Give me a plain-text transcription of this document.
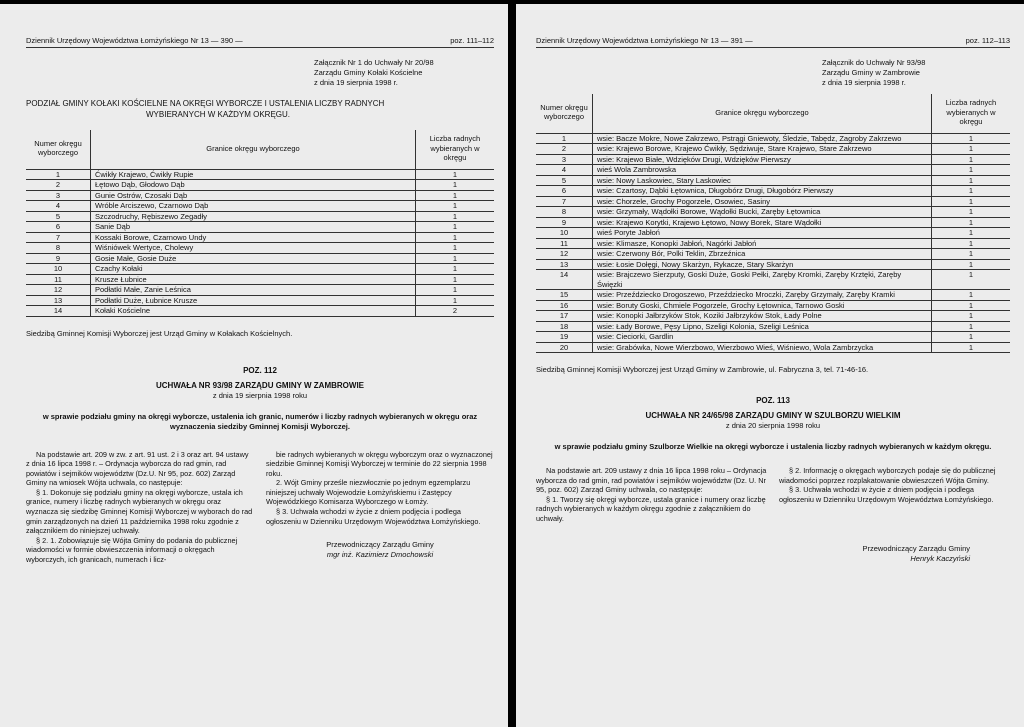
Dziennik Urzędowy Województwa Łomżyńskiego Nr 13 — 390 —	poz. 111–112
Załącznik Nr 1 do Uchwały Nr 20/98
Zarządu Gminy Kołaki Kościelne
z dnia 19 sierpnia 1998 r.
PODZIAŁ GMINY KOŁAKI KOŚCIELNE NA OKRĘGI WYBORCZE I USTALENIA LICZBY RADNYCH
WYBIERANYCH W KAŻDYM OKRĘGU.
Numer okręgu wyborczego	Granice okręgu wyborczego	Liczba radnych wybieranych w okręgu
1	Ćwikły Krajewo, Ćwikły Rupie	1
2	Łętowo Dąb, Głodowo Dąb	1
3	Gunie Ostrów, Czosaki Dąb	1
4	Wróble Arciszewo, Czarnowo Dąb	1
5	Szczodruchy, Rębiszewo Zegadły	1
6	Sanie Dąb	1
7	Kossaki Borowe, Czarnowo Undy	1
8	Wiśniówek Wertyce, Cholewy	1
9	Gosie Małe, Gosie Duże	1
10	Czachy Kołaki	1
11	Krusze Łubnice	1
12	Podłatki Małe, Zanie Leśnica	1
13	Podłatki Duże, Łubnice Krusze	1
14	Kołaki Kościelne	2
Siedzibą Gminnej Komisji Wyborczej jest Urząd Gminy w Kołakach Kościelnych.
POZ. 112
UCHWAŁA NR 93/98 ZARZĄDU GMINY W ZAMBROWIE
z dnia 19 sierpnia 1998 roku
w sprawie podziału gminy na okręgi wyborcze, ustalenia ich granic, numerów i liczby radnych wybieranych w okręgu oraz wyznaczenia siedziby Gminnej Komisji Wyborczej.

Na podstawie art. 209 w zw. z art. 91 ust. 2 i 3 oraz art. 94 ustawy z dnia 16 lipca 1998 r. – Ordynacja wyborcza do rad gmin, rad powiatów i sejmików województw (Dz.U. Nr 95, poz. 602) Zarząd Gminy na wniosek Wójta uchwala, co następuje:

§ 1. Dokonuje się podziału gminy na okręgi wyborcze, ustala ich granice, numery i liczbę radnych wybieranych w okręgu oraz wyznacza się siedzibę Gminnej Komisji Wyborczej w wyborach do rad gmin zarządzonych na dzień 11 października 1998 roku zgodnie z załącznikiem do niniejszej uchwały.

§ 2. 1. Zobowiązuje się Wójta Gminy do podania do publicznej wiadomości w formie obwieszczenia informacji o okręgach wyborczych, ich granicach, numerach i licz-

bie radnych wybieranych w okręgu wyborczym oraz o wyznaczonej siedzibie Gminnej Komisji Wyborczej w terminie do 22 sierpnia 1998 roku.

2. Wójt Gminy prześle niezwłocznie po jednym egzemplarzu niniejszej uchwały Wojewodzie Łomżyńskiemu i Zastępcy Wojewódzkiego Komisarza Wyborczego w Łomży.

§ 3. Uchwała wchodzi w życie z dniem podjęcia i podlega ogłoszeniu w Dzienniku Urzędowym Województwa Łomżyńskiego.

Przewodniczący Zarządu Gminy
mgr inż. Kazimierz Dmochowski
Dziennik Urzędowy Województwa Łomżyńskiego Nr 13 — 391 —	poz. 112–113
Załącznik do Uchwały Nr 93/98
Zarządu Gminy w Zambrowie
z dnia 19 sierpnia 1998 r.
Numer okręgu wyborczego	Granice okręgu wyborczego	Liczba radnych wybieranych w okręgu
1	wsie: Bacze Mokre, Nowe Zakrzewo, Pstrągi Gniewoty, Śledzie, Tabędz, Zagroby Zakrzewo	1
2	wsie: Krajewo Borowe, Krajewo Ćwikły, Sędziwuje, Stare Krajewo, Stare Zakrzewo	1
3	wsie: Krajewo Białe, Wdzięków Drugi, Wdzięków Pierwszy	1
4	wieś Wola Zambrowska	1
5	wsie: Nowy Laskowiec, Stary Laskowiec	1
6	wsie: Czartosy, Dąbki Łętownica, Długobórz Drugi, Długobórz Pierwszy	1
7	wsie: Chorzele, Grochy Pogorzele, Osowiec, Sasiny	1
8	wsie: Grzymały, Wądołki Borowe, Wądołki Bucki, Zaręby Łętownica	1
9	wsie: Krajewo Korytki, Krajewo Łętowo, Nowy Borek, Stare Wądołki	1
10	wieś Poryte Jabłoń	1
11	wsie: Klimasze, Konopki Jabłoń, Nagórki Jabłoń	1
12	wsie: Czerwony Bór, Polki Teklin, Zbrzeźnica	1
13	wsie: Łosie Dołęgi, Nowy Skarżyn, Rykacze, Stary Skarżyn	1
14	wsie: Brajczewo Sierzputy, Goski Duże, Goski Pełki, Zaręby Kromki, Zaręby Krztęki, Zaręby Święzki	1
15	wsie: Przeździecko Drogoszewo, Przeździecko Mroczki, Zaręby Grzymały, Zaręby Kramki	1
16	wsie: Boruty Goski, Chmiele Pogorzele, Grochy Łętownica, Tarnowo Goski	1
17	wsie: Konopki Jałbrzyków Stok, Koziki Jałbrzyków Stok, Łady Polne	1
18	wsie: Łady Borowe, Pęsy Lipno, Szeligi Kolonia, Szeligi Leśnica	1
19	wsie: Cieciorki, Gardlin	1
20	wsie: Grabówka, Nowe Wierzbowo, Wierzbowo Wieś, Wiśniewo, Wola Zambrzycka	1
Siedzibą Gminnej Komisji Wyborczej jest Urząd Gminy w Zambrowie, ul. Fabryczna 3, tel. 71-46-16.
POZ. 113
UCHWAŁA NR 24/65/98 ZARZĄDU GMINY W SZULBORZU WIELKIM
z dnia 20 sierpnia 1998 roku
w sprawie podziału gminy Szulborze Wielkie na okręgi wyborcze i ustalenia liczby radnych wybieranych w każdym okręgu.

Na podstawie art. 209 ustawy z dnia 16 lipca 1998 roku – Ordynacja wyborcza do rad gmin, rad powiatów i sejmików województw (Dz. U. Nr 95, poz. 602) Zarząd Gminy uchwala, co następuje:

§ 1. Tworzy się okręgi wyborcze, ustala granice i numery oraz liczbę radnych wybieranych w każdym okręgu zgodnie z załącznikiem do uchwały.

§ 2. Informację o okręgach wyborczych podaje się do publicznej wiadomości poprzez rozplakatowanie obwieszczeń Wójta Gminy.

§ 3. Uchwała wchodzi w życie z dniem podjęcia i podlega ogłoszeniu w Dzienniku Urzędowym Województwa Łomżyńskiego.

Przewodniczący Zarządu Gminy
Henryk Kaczyński
